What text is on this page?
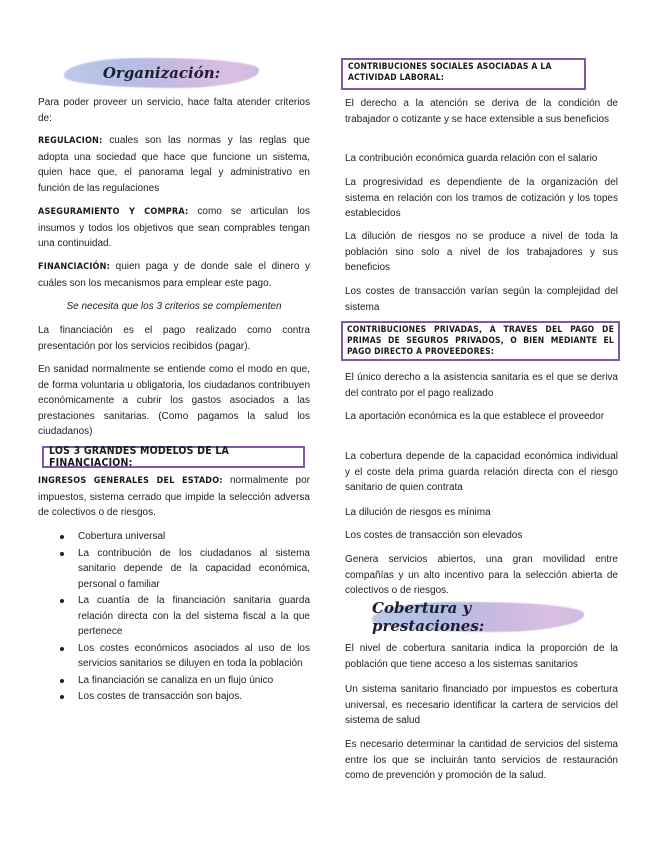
Organización:

Para poder proveer un servicio, hace falta atender criterios de:

REGULACION: cuales son las normas y las reglas que adopta una sociedad que hace que funcione un sistema, quien hace que, el panorama legal y administrativo en función de las regulaciones

ASEGURAMIENTO Y COMPRA: como se articulan los insumos y todos los objetivos que sean comprables tengan una continuidad.

FINANCIACIÓN: quien paga y de donde sale el dinero y cuáles son los mecanismos para emplear este pago.

Se necesita que los 3 criterios se complementen

La financiación es el pago realizado como contra presentación por los servicios recibidos (pagar).

En sanidad normalmente se entiende como el modo en que, de forma voluntaria u obligatoria, los ciudadanos contribuyen económicamente a cubrir los gastos asociados a las prestaciones sanitarias. (Como pagamos la salud los ciudadanos)

LOS 3 GRANDES MODELOS DE LA FINANCIACION:

INGRESOS GENERALES DEL ESTADO: normalmente por impuestos, sistema cerrado que impide la selección adversa de colectivos o de riesgos.

Cobertura universal
La contribución de los ciudadanos al sistema sanitario depende de la capacidad económica, personal o familiar
La cuantía de la financiación sanitaria guarda relación directa con la del sistema fiscal a la que pertenece
Los costes económicos asociados al uso de los servicios sanitarios se diluyen en toda la población
La financiación se canaliza en un flujo único
Los costes de transacción son bajos.
CONTRIBUCIONES SOCIALES ASOCIADAS A LA ACTIVIDAD LABORAL:

El derecho a la atención se deriva de la condición de trabajador o cotizante y se hace extensible a sus beneficios

La contribución económica guarda relación con el salario

La progresividad es dependiente de la organización del sistema en relación con los tramos de cotización y los topes establecidos

La dilución de riesgos no se produce a nivel de toda la población sino solo a nivel de los trabajadores y sus beneficios

Los costes de transacción varían según la complejidad del sistema

CONTRIBUCIONES PRIVADAS, A TRAVES DEL PAGO DE PRIMAS DE SEGUROS PRIVADOS, O BIEN MEDIANTE EL PAGO DIRECTO A PROVEEDORES:

El único derecho a la asistencia sanitaria es el que se deriva del contrato por el pago realizado

La aportación económica es la que establece el proveedor

La cobertura depende de la capacidad económica individual y el coste dela prima guarda relación directa con el riesgo sanitario de quien contrata

La dilución de riesgos es mínima

Los costes de transacción son elevados

Genera servicios abiertos, una gran movilidad entre compañías y un alto incentivo para la selección abierta de colectivos o de riesgos.

Cobertura y prestaciones:

El nivel de cobertura sanitaria indica la proporción de la población que tiene acceso a los sistemas sanitarios

Un sistema sanitario financiado por impuestos es cobertura universal, es necesario identificar la cartera de servicios del sistema de salud

Es necesario determinar la cantidad de servicios del sistema entre los que se incluirán tanto servicios de restauración como de prevención y promoción de la salud.
